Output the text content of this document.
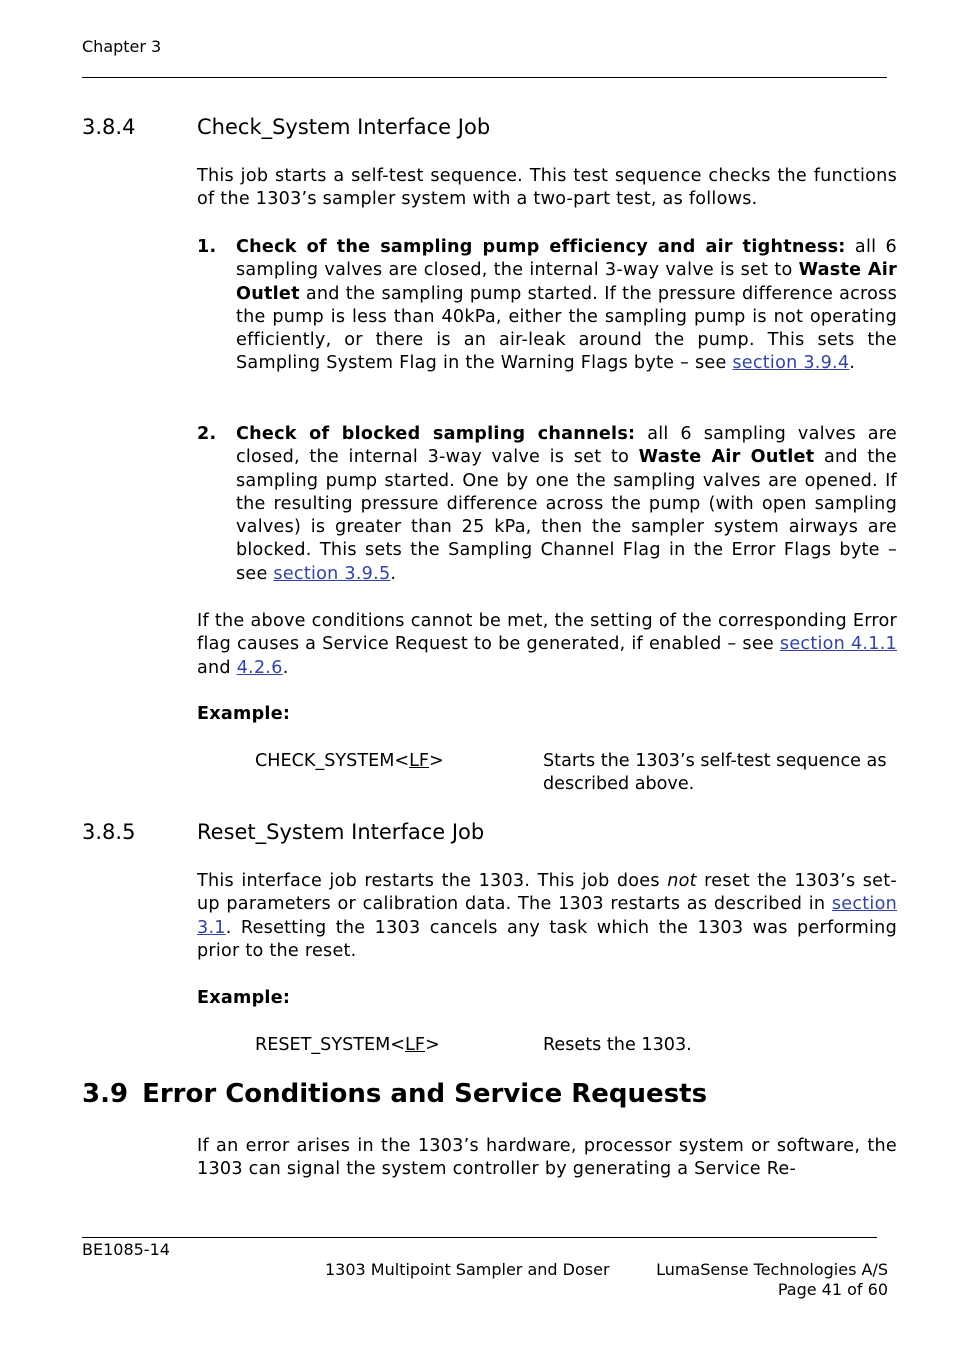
Chapter 3
3.8.4	Check_System Interface Job
This job starts a self-test sequence. This test sequence checks the functions of the 1303’s sampler system with a two-part test, as follows.
1. Check of the sampling pump efficiency and air tightness: all 6 sampling valves are closed, the internal 3-way valve is set to Waste Air Outlet and the sampling pump started. If the pressure difference across the pump is less than 40kPa, either the sampling pump is not operating efficiently, or there is an air-leak around the pump. This sets the Sampling System Flag in the Warning Flags byte – see section 3.9.4.
2. Check of blocked sampling channels: all 6 sampling valves are closed, the internal 3-way valve is set to Waste Air Outlet and the sampling pump started. One by one the sampling valves are opened. If the resulting pressure difference across the pump (with open sampling valves) is greater than 25 kPa, then the sampler system airways are blocked. This sets the Sampling Channel Flag in the Error Flags byte – see section 3.9.5.
If the above conditions cannot be met, the setting of the corresponding Error flag causes a Service Request to be generated, if enabled – see section 4.1.1 and 4.2.6.
Example:
CHECK_SYSTEM<LF>	Starts the 1303’s self-test sequence as described above.
3.8.5	Reset_System Interface Job
This interface job restarts the 1303. This job does not reset the 1303’s set-up parameters or calibration data. The 1303 restarts as described in section 3.1. Resetting the 1303 cancels any task which the 1303 was performing prior to the reset.
Example:
RESET_SYSTEM<LF>	Resets the 1303.
3.9 Error Conditions and Service Requests
If an error arises in the 1303’s hardware, processor system or software, the 1303 can signal the system controller by generating a Service Re-
BE1085-14
1303 Multipoint Sampler and Doser	LumaSense Technologies A/S
Page 41 of 60
